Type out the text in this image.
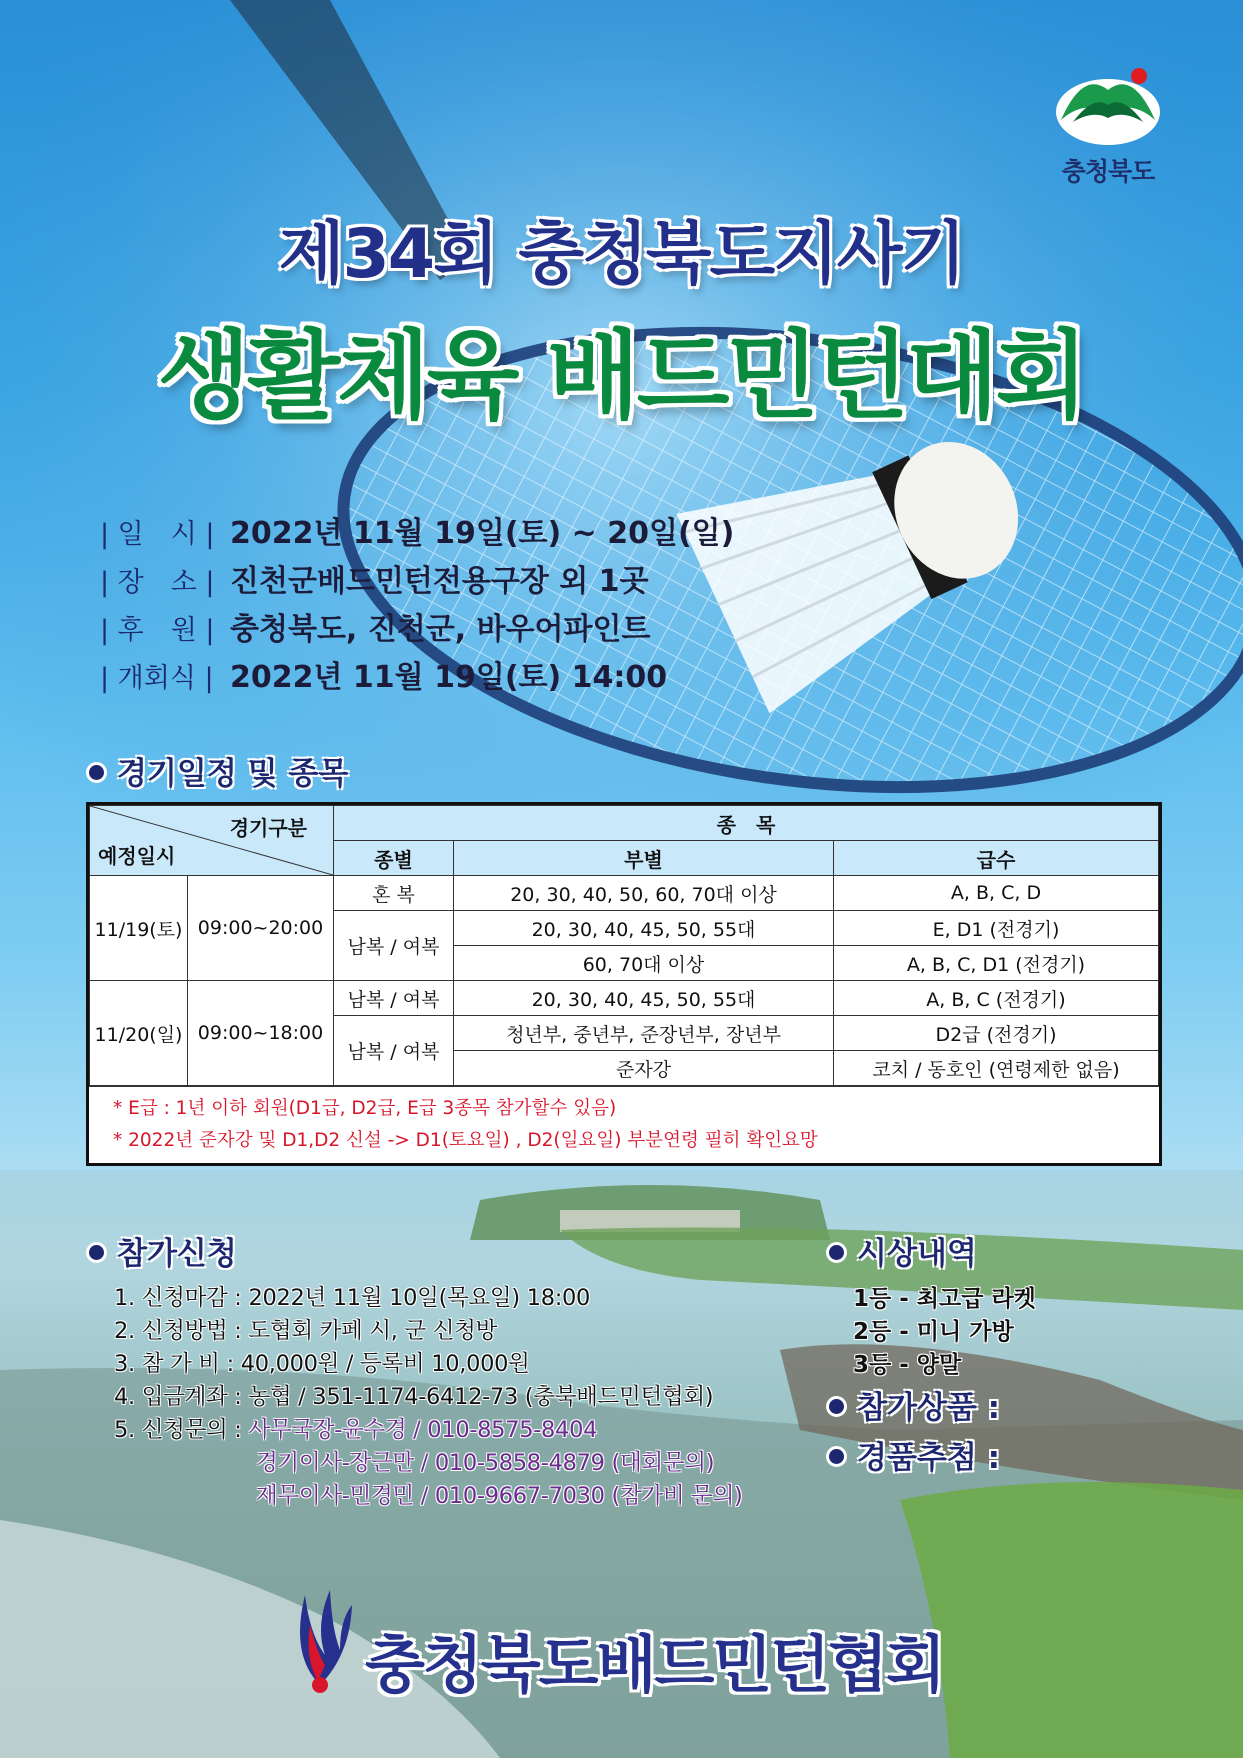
충청북도
제34회 충청북도지사기
생활체육 배드민턴대회
| 일　시 | 2022년 11월 19일(토) ~ 20일(일)
| 장　소 | 진천군배드민턴전용구장 외 1곳
| 후　원 | 충청북도, 진천군, 바우어파인트
| 개회식 | 2022년 11월 19일(토) 14:00
경기일정 및 종목
경기구분
예정일시		종　목		
		종별	부별	급수
11/19(토)	09:00~20:00	혼 복	20, 30, 40, 50, 60, 70대 이상	A, B, C, D
		남복 / 여복	20, 30, 40, 45, 50, 55대	E, D1 (전경기)
			60, 70대 이상	A, B, C, D1 (전경기)
11/20(일)	09:00~18:00	남복 / 여복	20, 30, 40, 45, 50, 55대	A, B, C (전경기)
		남복 / 여복	청년부, 중년부, 준장년부, 장년부	D2급 (전경기)
			준자강	코치 / 동호인 (연령제한 없음)
* E급 : 1년 이하 회원(D1급, D2급, E급 3종목 참가할수 있음)
* 2022년 준자강 및 D1,D2 신설 -> D1(토요일) , D2(일요일) 부분연령 필히 확인요망
참가신청
1. 신청마감 : 2022년 11월 10일(목요일) 18:00
2. 신청방법 : 도협회 카페 시, 군 신청방
3. 참 가 비 : 40,000원 / 등록비 10,000원
4. 입금계좌 : 농협 / 351-1174-6412-73 (충북배드민턴협회)
5. 신청문의 : 사무국장-윤수경 / 010-8575-8404
경기이사-장근만 / 010-5858-4879 (대회문의)
재무이사-민경민 / 010-9667-7030 (참가비 문의)
시상내역
1등 - 최고급 라켓
2등 - 미니 가방
3등 - 양말
참가상품 :
경품추첨 :
충청북도배드민턴협회
